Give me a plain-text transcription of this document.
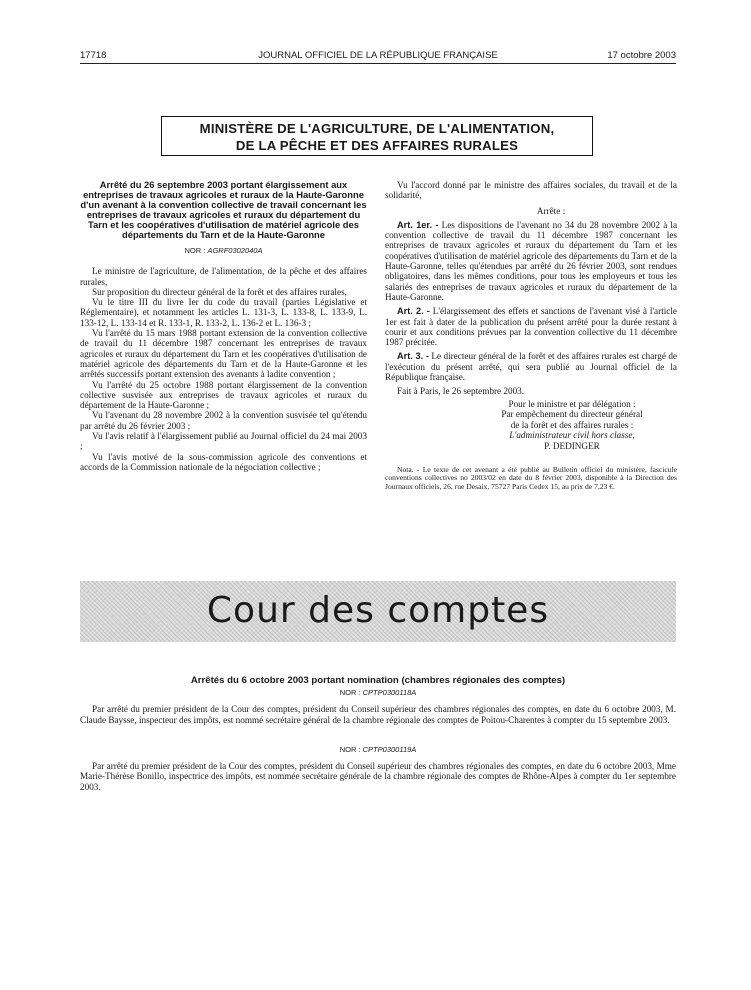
17718	JOURNAL OFFICIEL DE LA RÉPUBLIQUE FRANÇAISE	17 octobre 2003
MINISTÈRE DE L'AGRICULTURE, DE L'ALIMENTATION,
DE LA PÊCHE ET DES AFFAIRES RURALES
Arrêté du 26 septembre 2003 portant élargissement aux entreprises de travaux agricoles et ruraux de la Haute-Garonne d'un avenant à la convention collective de travail concernant les entreprises de travaux agricoles et ruraux du département du Tarn et les coopératives d'utilisation de matériel agricole des départements du Tarn et de la Haute-Garonne
NOR : AGRF0302040A

Le ministre de l'agriculture, de l'alimentation, de la pêche et des affaires rurales,

Sur proposition du directeur général de la forêt et des affaires rurales,

Vu le titre III du livre Ier du code du travail (parties Législative et Réglementaire), et notamment les articles L. 131-3, L. 133-8, L. 133-9, L. 133-12, L. 133-14 et R. 133-1, R. 133-2, L. 136-2 et L. 136-3 ;

Vu l'arrêté du 15 mars 1988 portant extension de la convention collective de travail du 11 décembre 1987 concernant les entreprises de travaux agricoles et ruraux du département du Tarn et les coopératives d'utilisation de matériel agricole des départements du Tarn et de la Haute-Garonne et les arrêtés successifs portant extension des avenants à ladite convention ;

Vu l'arrêté du 25 octobre 1988 portant élargissement de la convention collective susvisée aux entreprises de travaux agricoles et ruraux du département de la Haute-Garonne ;

Vu l'avenant du 28 novembre 2002 à la convention susvisée tel qu'étendu par arrêté du 26 février 2003 ;

Vu l'avis relatif à l'élargissement publié au Journal officiel du 24 mai 2003 ;

Vu l'avis motivé de la sous-commission agricole des conventions et accords de la Commission nationale de la négociation collective ;

Vu l'accord donné par le ministre des affaires sociales, du travail et de la solidarité,

Arrête :

Art. 1er. - Les dispositions de l'avenant no 34 du 28 novembre 2002 à la convention collective de travail du 11 décembre 1987 concernant les entreprises de travaux agricoles et ruraux du département du Tarn et les coopératives d'utilisation de matériel agricole des départements du Tarn et de la Haute-Garonne, telles qu'étendues par arrêté du 26 février 2003, sont rendues obligatoires, dans les mêmes conditions, pour tous les employeurs et tous les salariés des entreprises de travaux agricoles et ruraux du département de la Haute-Garonne.

Art. 2. - L'élargissement des effets et sanctions de l'avenant visé à l'article 1er est fait à dater de la publication du présent arrêté pour la durée restant à courir et aux conditions prévues par la convention collective du 11 décembre 1987 précitée.

Art. 3. - Le directeur général de la forêt et des affaires rurales est chargé de l'exécution du présent arrêté, qui sera publié au Journal officiel de la République française.

Fait à Paris, le 26 septembre 2003.

Pour le ministre et par délégation :
Par empêchement du directeur général
de la forêt et des affaires rurales :
L'administrateur civil hors classe,
P. DEDINGER

Nota. - Le texte de cet avenant a été publié au Bulletin officiel du ministère, fascicule conventions collectives no 2003/02 en date du 8 février 2003, disponible à la Direction des Journaux officiels, 26, rue Desaix, 75727 Paris Cedex 15, au prix de 7,23 €.

Cour des comptes
Arrêtés du 6 octobre 2003 portant nomination (chambres régionales des comptes)
NOR : CPTP0300118A

Par arrêté du premier président de la Cour des comptes, président du Conseil supérieur des chambres régionales des comptes, en date du 6 octobre 2003, M. Claude Baysse, inspecteur des impôts, est nommé secrétaire général de la chambre régionale des comptes de Poitou-Charentes à compter du 15 septembre 2003.

NOR : CPTP0300119A

Par arrêté du premier président de la Cour des comptes, président du Conseil supérieur des chambres régionales des comptes, en date du 6 octobre 2003, Mme Marie-Thérèse Bonillo, inspectrice des impôts, est nommée secrétaire générale de la chambre régionale des comptes de Rhône-Alpes à compter du 1er septembre 2003.
